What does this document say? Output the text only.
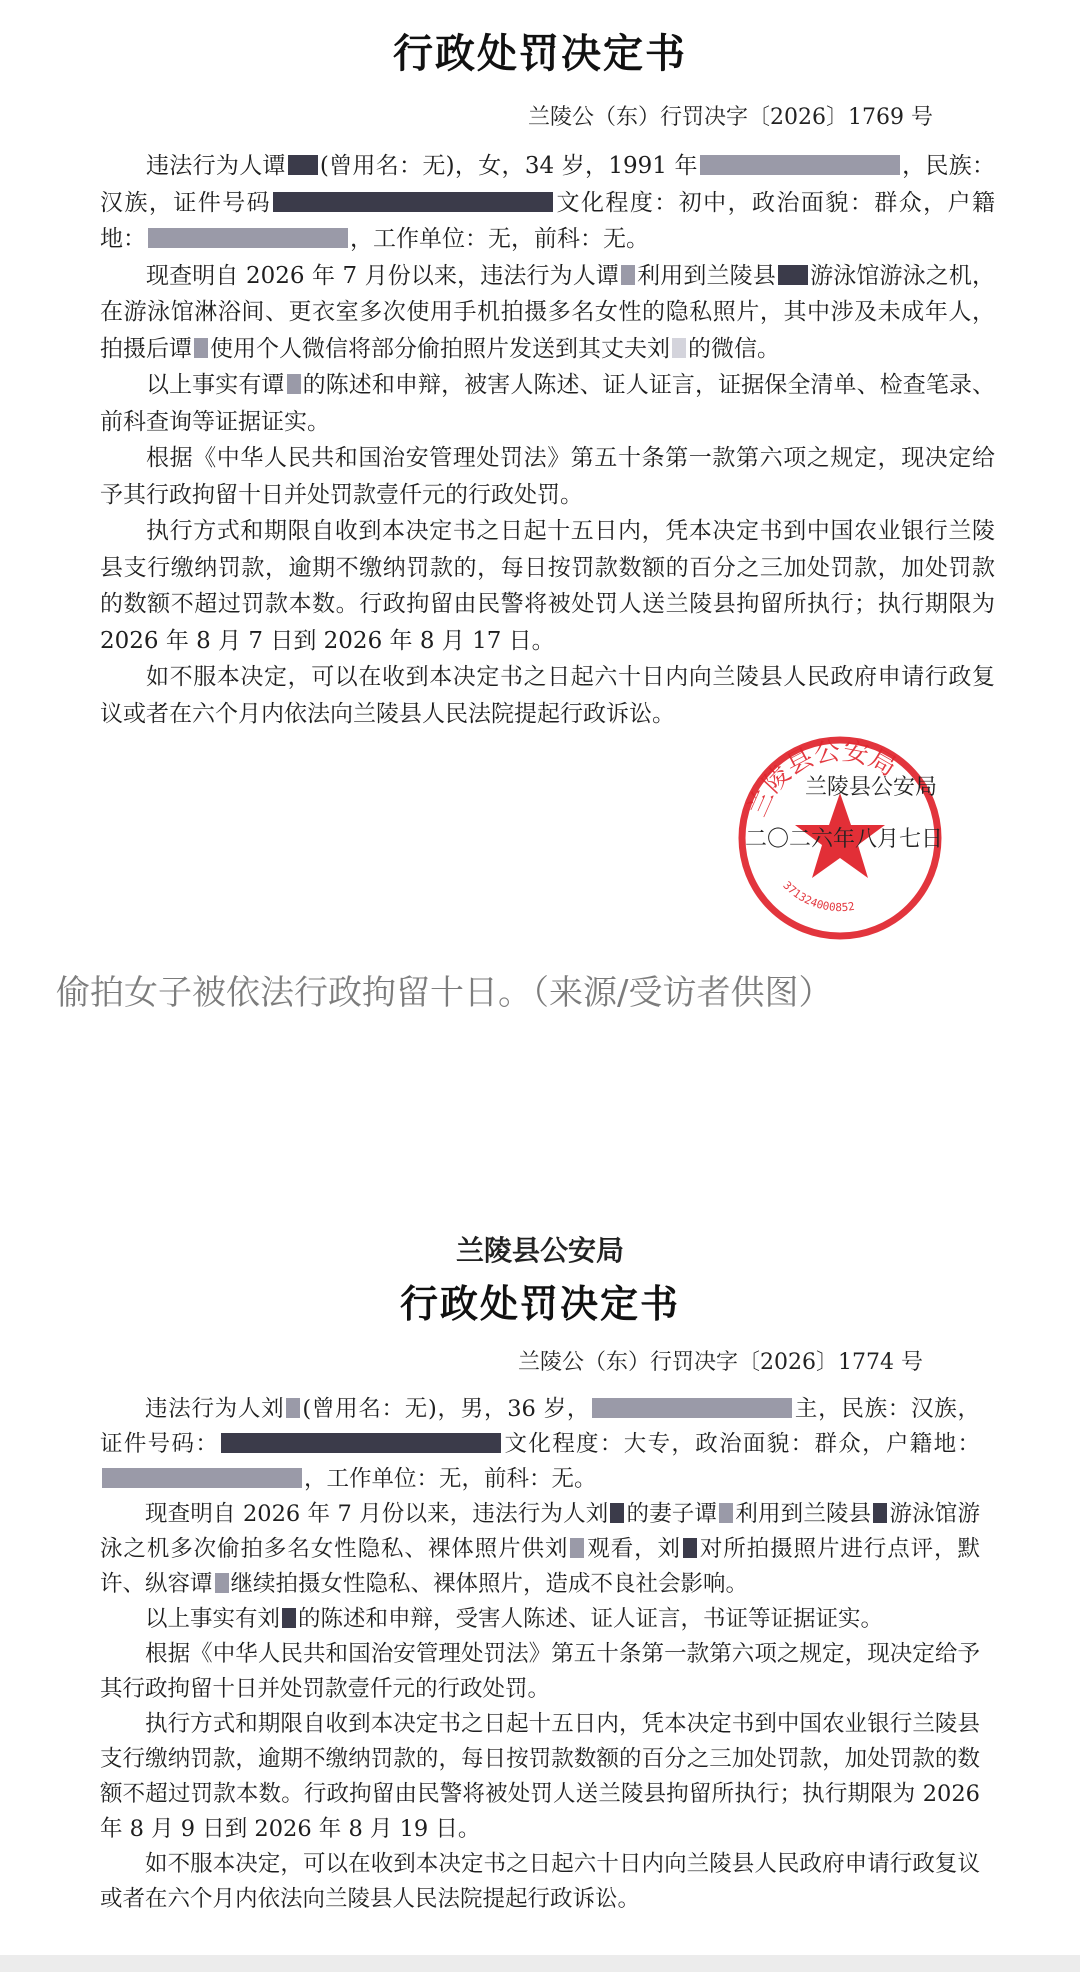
行政处罚决定书
兰陵公（东）行罚决字〔2026〕1769 号

违法行为人谭 (曾用名：无)，女，34 岁，1991 年	，民族：汉族，证件号码	文化程度：初中，政治面貌：群众，户籍地：	，工作单位：无，前科：无。

现查明自 2026 年 7 月份以来，违法行为人谭 利用到兰陵县 游泳馆游泳之机，在游泳馆淋浴间、更衣室多次使用手机拍摄多名女性的隐私照片，其中涉及未成年人，拍摄后谭 使用个人微信将部分偷拍照片发送到其丈夫刘 的微信。

以上事实有谭 的陈述和申辩，被害人陈述、证人证言，证据保全清单、检查笔录、前科查询等证据证实。

根据《中华人民共和国治安管理处罚法》第五十条第一款第六项之规定，现决定给予其行政拘留十日并处罚款壹仟元的行政处罚。

执行方式和期限自收到本决定书之日起十五日内，凭本决定书到中国农业银行兰陵县支行缴纳罚款，逾期不缴纳罚款的，每日按罚款数额的百分之三加处罚款，加处罚款的数额不超过罚款本数。行政拘留由民警将被处罚人送兰陵县拘留所执行；执行期限为 2026 年 8 月 7 日到 2026 年 8 月 17 日。

如不服本决定，可以在收到本决定书之日起六十日内向兰陵县人民政府申请行政复议或者在六个月内依法向兰陵县人民法院提起行政诉讼。

兰陵县公安局
371324000852
兰陵县公安局
二〇二六年八月七日
偷拍女子被依法行政拘留十日。（来源/受访者供图）
兰陵县公安局
行政处罚决定书
兰陵公（东）行罚决字〔2026〕1774 号

违法行为人刘 (曾用名：无)，男，36 岁，	主，民族：汉族，证件号码：	文化程度：大专，政治面貌：群众，户籍地：，工作单位：无，前科：无。

现查明自 2026 年 7 月份以来，违法行为人刘 的妻子谭 利用到兰陵县 游泳馆游泳之机多次偷拍多名女性隐私、裸体照片供刘 观看，刘 对所拍摄照片进行点评，默许、纵容谭 继续拍摄女性隐私、裸体照片，造成不良社会影响。

以上事实有刘 的陈述和申辩，受害人陈述、证人证言，书证等证据证实。

根据《中华人民共和国治安管理处罚法》第五十条第一款第六项之规定，现决定给予其行政拘留十日并处罚款壹仟元的行政处罚。

执行方式和期限自收到本决定书之日起十五日内，凭本决定书到中国农业银行兰陵县支行缴纳罚款，逾期不缴纳罚款的，每日按罚款数额的百分之三加处罚款，加处罚款的数额不超过罚款本数。行政拘留由民警将被处罚人送兰陵县拘留所执行；执行期限为 2026 年 8 月 9 日到 2026 年 8 月 19 日。

如不服本决定，可以在收到本决定书之日起六十日内向兰陵县人民政府申请行政复议或者在六个月内依法向兰陵县人民法院提起行政诉讼。
